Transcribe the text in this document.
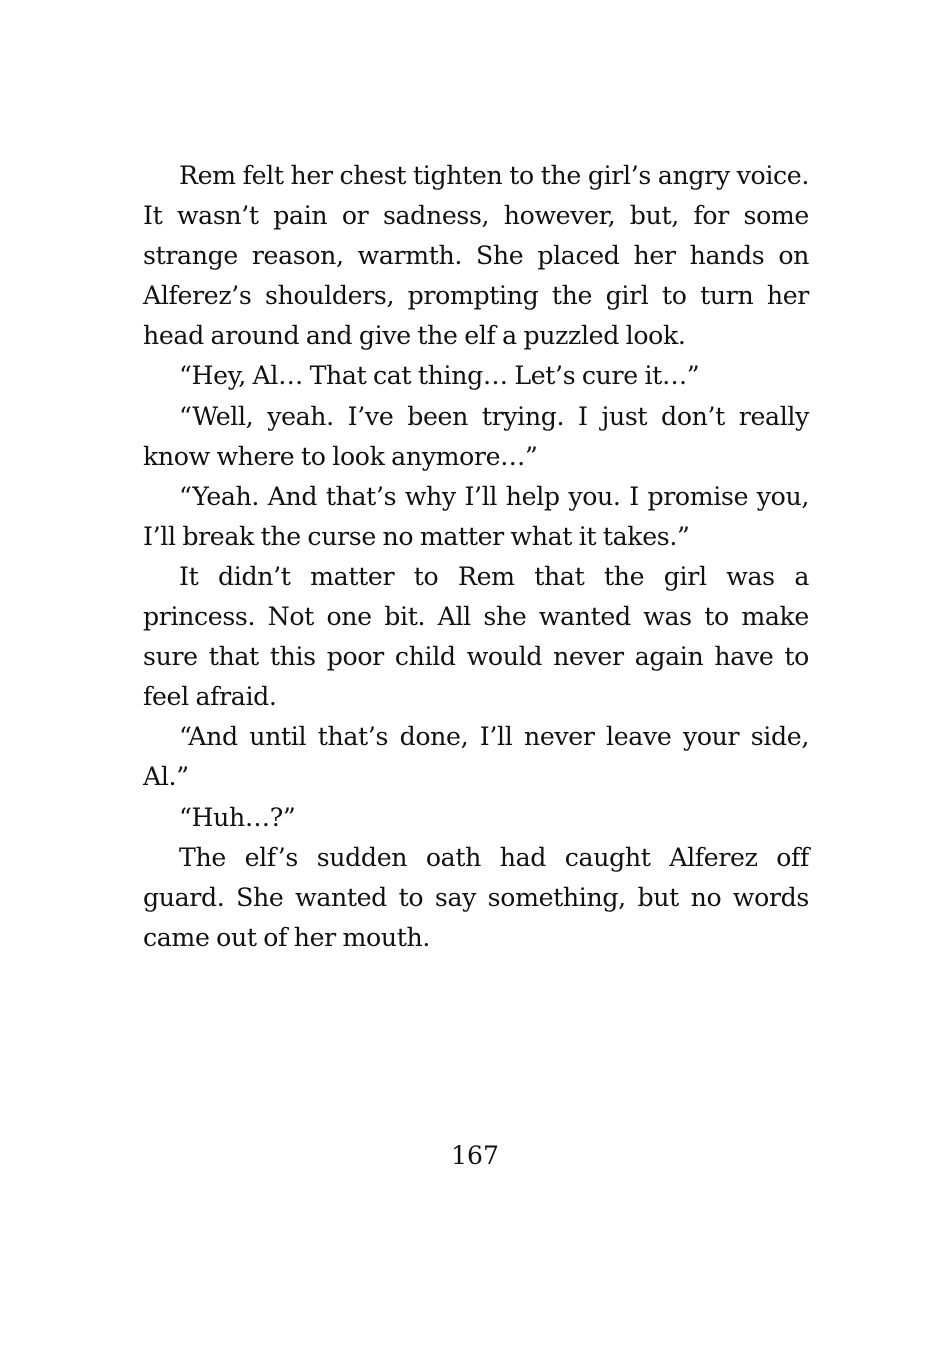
Rem felt her chest tighten to the girl’s angry voice. It wasn’t pain or sadness, however, but, for some strange reason, warmth. She placed her hands on Alferez’s shoulders, prompting the girl to turn her head around and give the elf a puzzled look.

“Hey, Al… That cat thing… Let’s cure it…”

“Well, yeah. I’ve been trying. I just don’t really know where to look anymore…”

“Yeah. And that’s why I’ll help you. I promise you, I’ll break the curse no matter what it takes.”

It didn’t matter to Rem that the girl was a princess. Not one bit. All she wanted was to make sure that this poor child would never again have to feel afraid.

“And until that’s done, I’ll never leave your side, Al.”

“Huh…?”

The elf’s sudden oath had caught Alferez off guard. She wanted to say something, but no words came out of her mouth.

167
